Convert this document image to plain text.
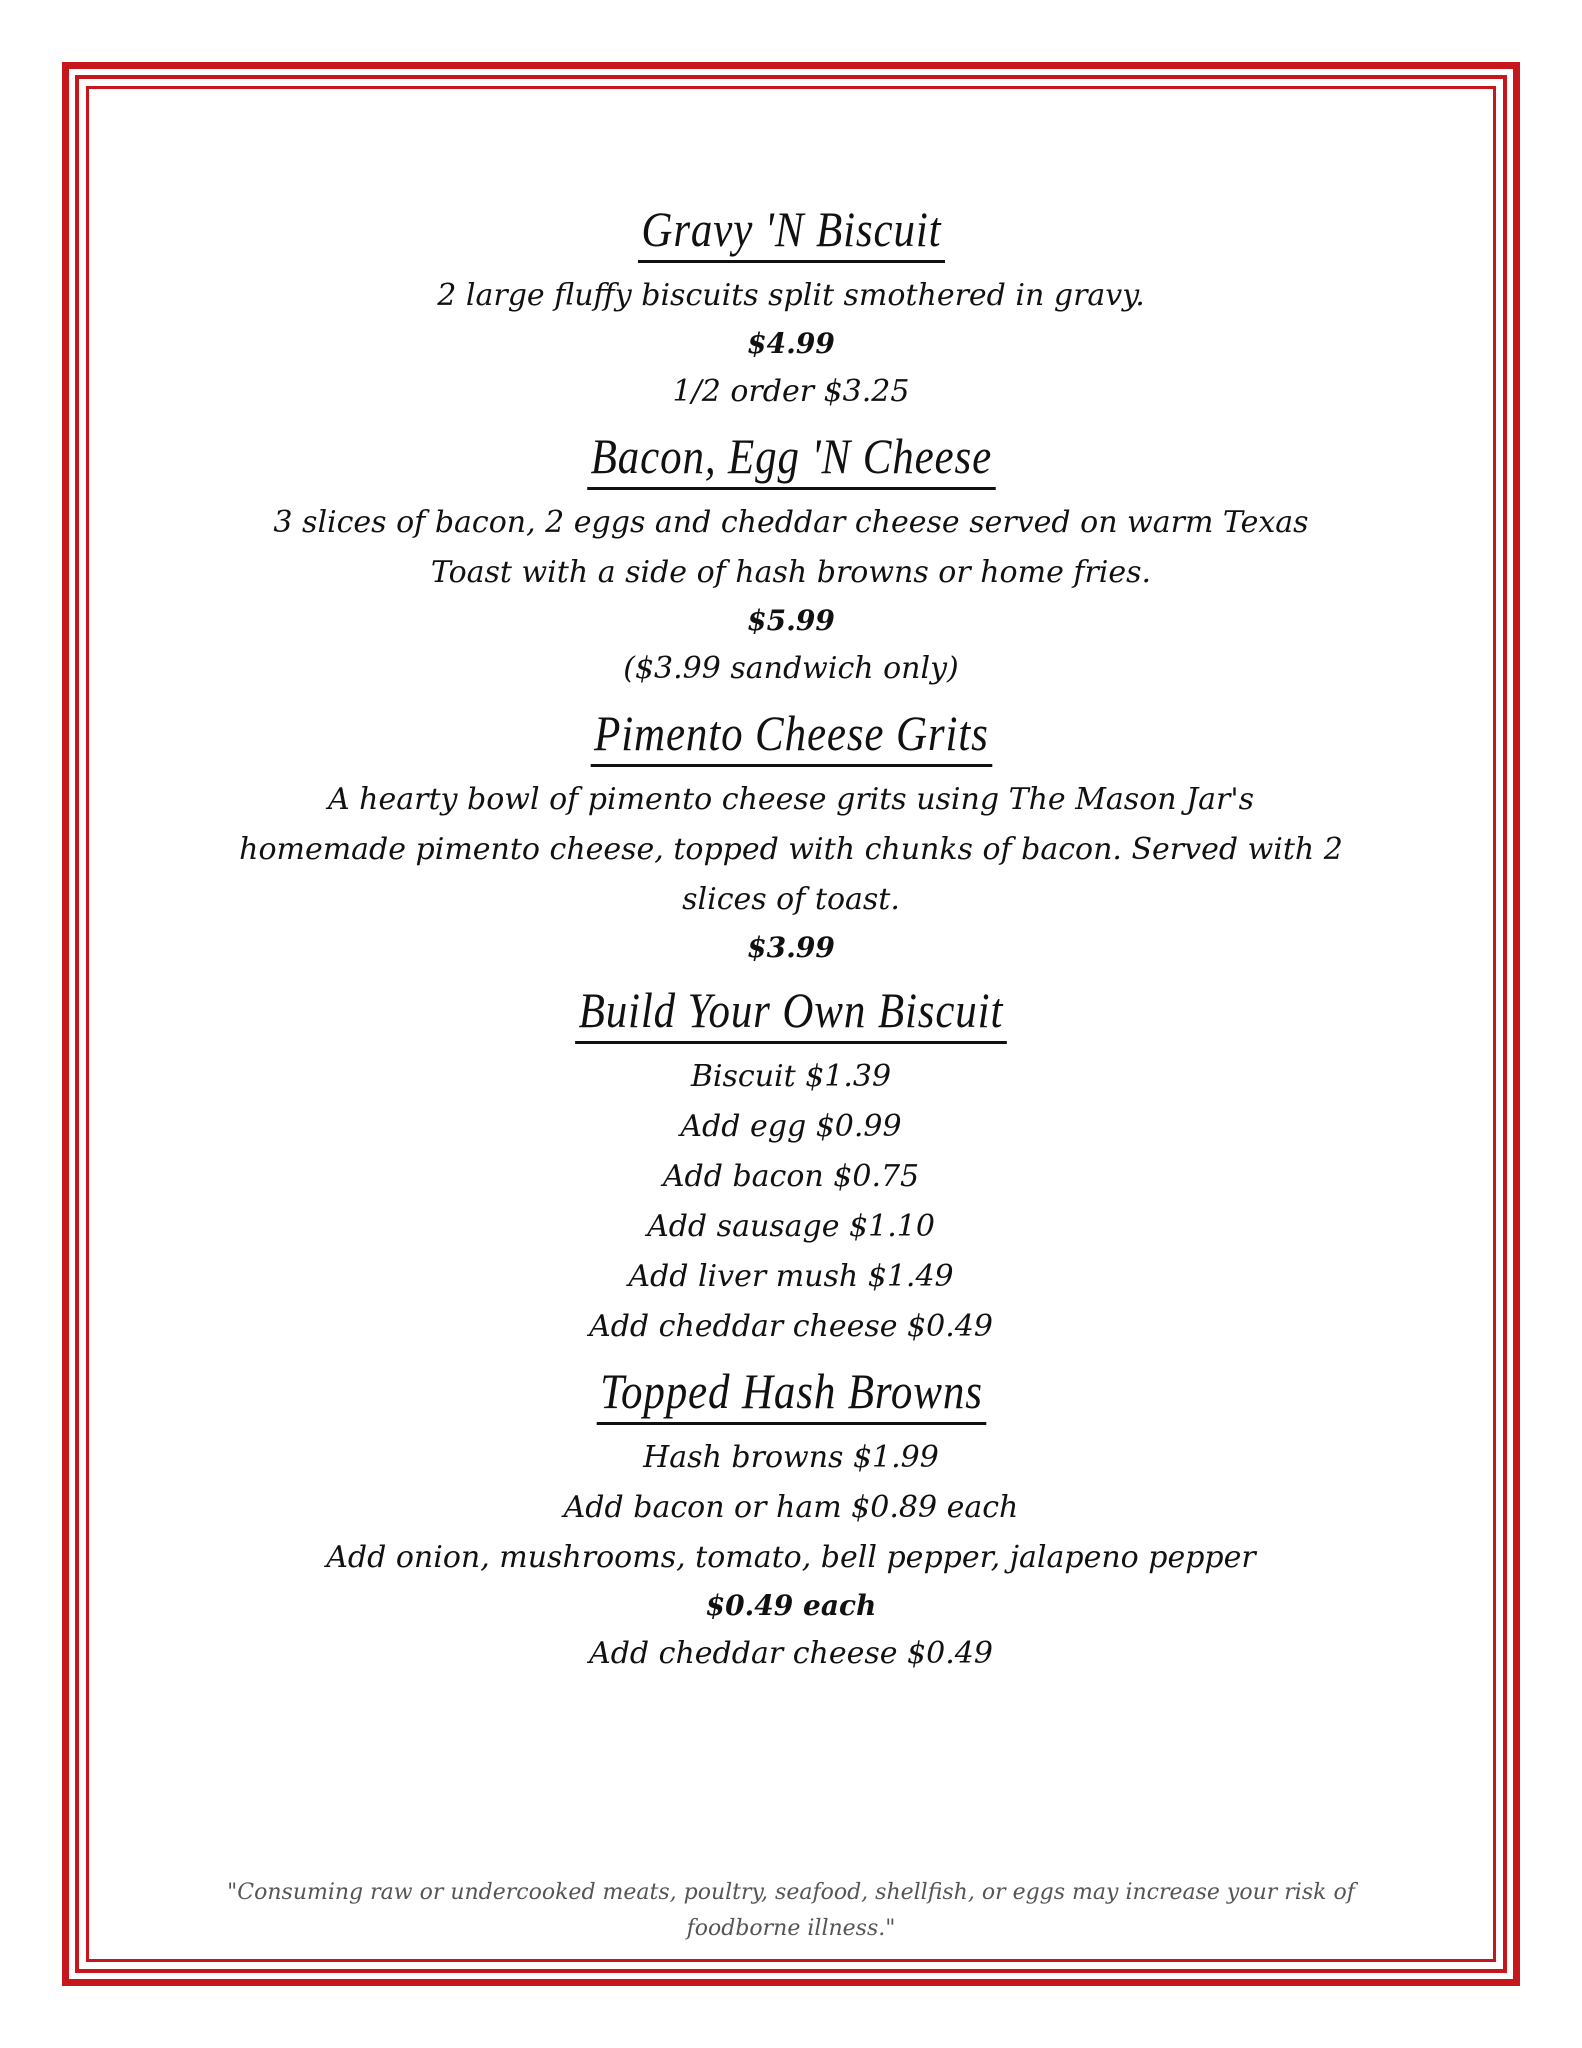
Gravy 'N Biscuit

2 large fluffy biscuits split smothered in gravy.

$4.99

1/2 order $3.25

Bacon, Egg 'N Cheese

3 slices of bacon, 2 eggs and cheddar cheese served on warm Texas

Toast with a side of hash browns or home fries.

$5.99

($3.99 sandwich only)

Pimento Cheese Grits

A hearty bowl of pimento cheese grits using The Mason Jar's

homemade pimento cheese, topped with chunks of bacon. Served with 2

slices of toast.

$3.99

Build Your Own Biscuit

Biscuit $1.39

Add egg $0.99

Add bacon $0.75

Add sausage $1.10

Add liver mush $1.49

Add cheddar cheese $0.49

Topped Hash Browns

Hash browns $1.99

Add bacon or ham $0.89 each

Add onion, mushrooms, tomato, bell pepper, jalapeno pepper

$0.49 each

Add cheddar cheese $0.49

"Consuming raw or undercooked meats, poultry, seafood, shellfish, or eggs may increase your risk of
foodborne illness."
